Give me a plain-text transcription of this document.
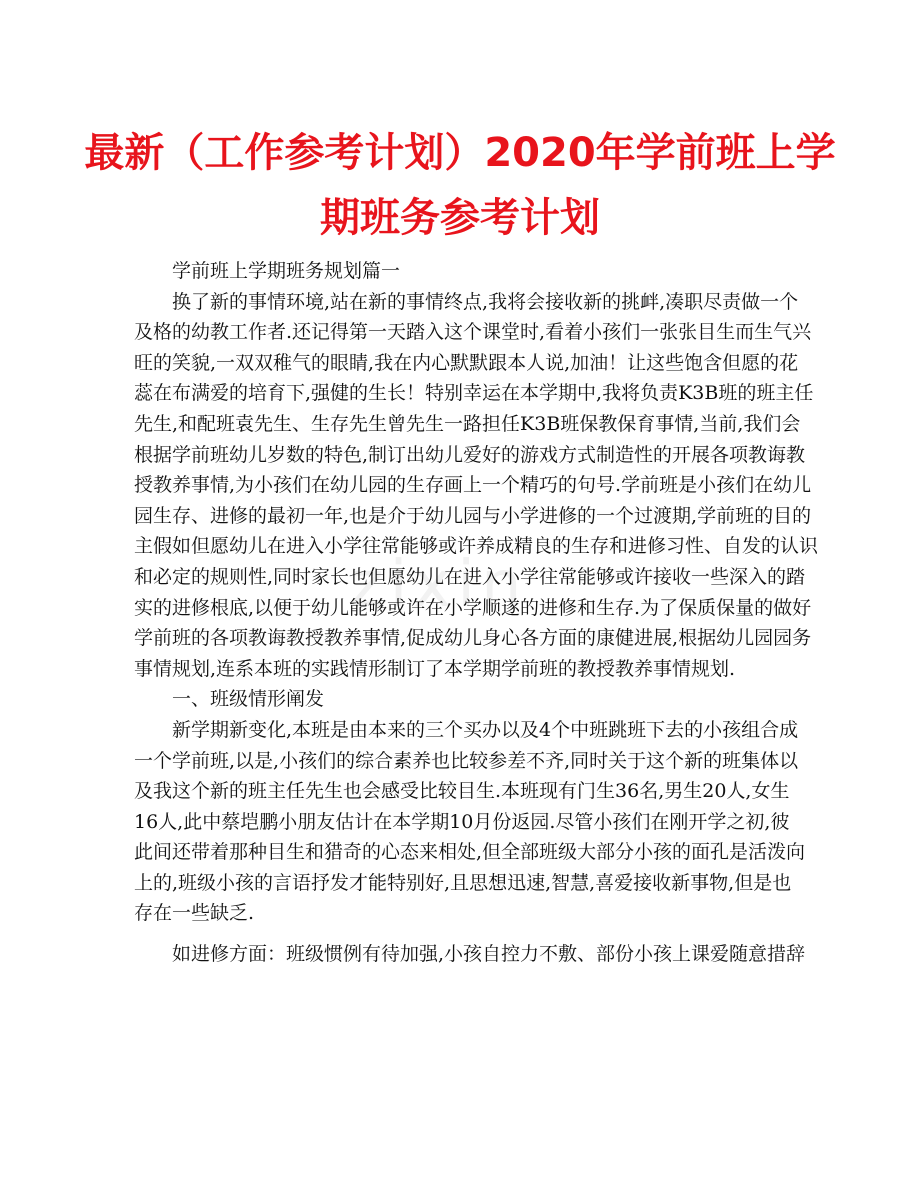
zixin
最新（工作参考计划）2020年学前班上学
期班务参考计划
学前班上学期班务规划篇一
换了新的事情环境,站在新的事情终点,我将会接收新的挑衅,凑职尽责做一个
及格的幼教工作者.还记得第一天踏入这个课堂时,看着小孩们一张张目生而生气兴
旺的笑貌,一双双稚气的眼睛,我在内心默默跟本人说,加油！让这些饱含但愿的花
蕊在布满爱的培育下,强健的生长！特别幸运在本学期中,我将负责K3B班的班主任
先生,和配班袁先生、生存先生曾先生一路担任K3B班保教保育事情,当前,我们会
根据学前班幼儿岁数的特色,制订出幼儿爱好的游戏方式制造性的开展各项教诲教
授教养事情,为小孩们在幼儿园的生存画上一个精巧的句号.学前班是小孩们在幼儿
园生存、进修的最初一年,也是介于幼儿园与小学进修的一个过渡期,学前班的目的
主假如但愿幼儿在进入小学往常能够或许养成精良的生存和进修习性、自发的认识
和必定的规则性,同时家长也但愿幼儿在进入小学往常能够或许接收一些深入的踏
实的进修根底,以便于幼儿能够或许在小学顺遂的进修和生存.为了保质保量的做好
学前班的各项教诲教授教养事情,促成幼儿身心各方面的康健进展,根据幼儿园园务
事情规划,连系本班的实践情形制订了本学期学前班的教授教养事情规划.
一、班级情形阐发
新学期新变化,本班是由本来的三个买办以及4个中班跳班下去的小孩组合成
一个学前班,以是,小孩们的综合素养也比较参差不齐,同时关于这个新的班集体以
及我这个新的班主任先生也会感受比较目生.本班现有门生36名,男生20人,女生
16人,此中蔡垲鹏小朋友估计在本学期10月份返园.尽管小孩们在刚开学之初,彼
此间还带着那种目生和猎奇的心态来相处,但全部班级大部分小孩的面孔是活泼向
上的,班级小孩的言语抒发才能特别好,且思想迅速,智慧,喜爱接收新事物,但是也
存在一些缺乏.
如进修方面：班级惯例有待加强,小孩自控力不敷、部份小孩上课爱随意措辞
